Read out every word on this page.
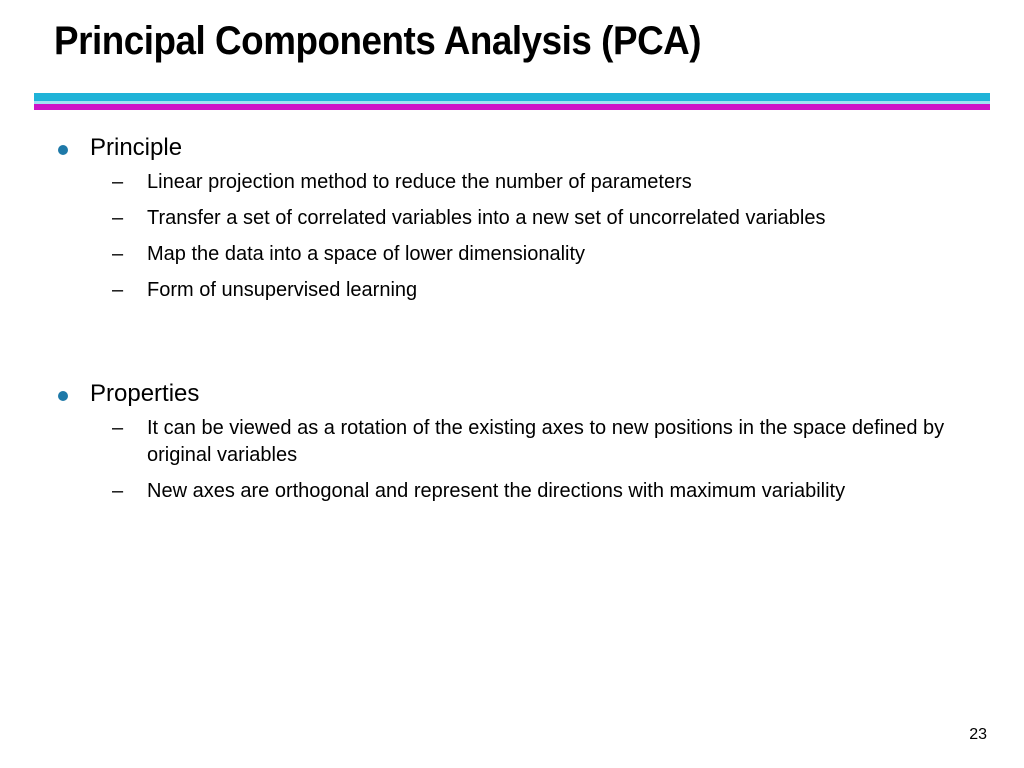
Principal Components Analysis (PCA)
Principle
– Linear projection method to reduce the number of parameters
– Transfer a set of correlated variables into a new set of uncorrelated variables
– Map the data into a space of lower dimensionality
– Form of unsupervised learning
Properties
– It can be viewed as a rotation of the existing axes to new positions in the space defined by original variables
– New axes are orthogonal and represent the directions with maximum variability
23
